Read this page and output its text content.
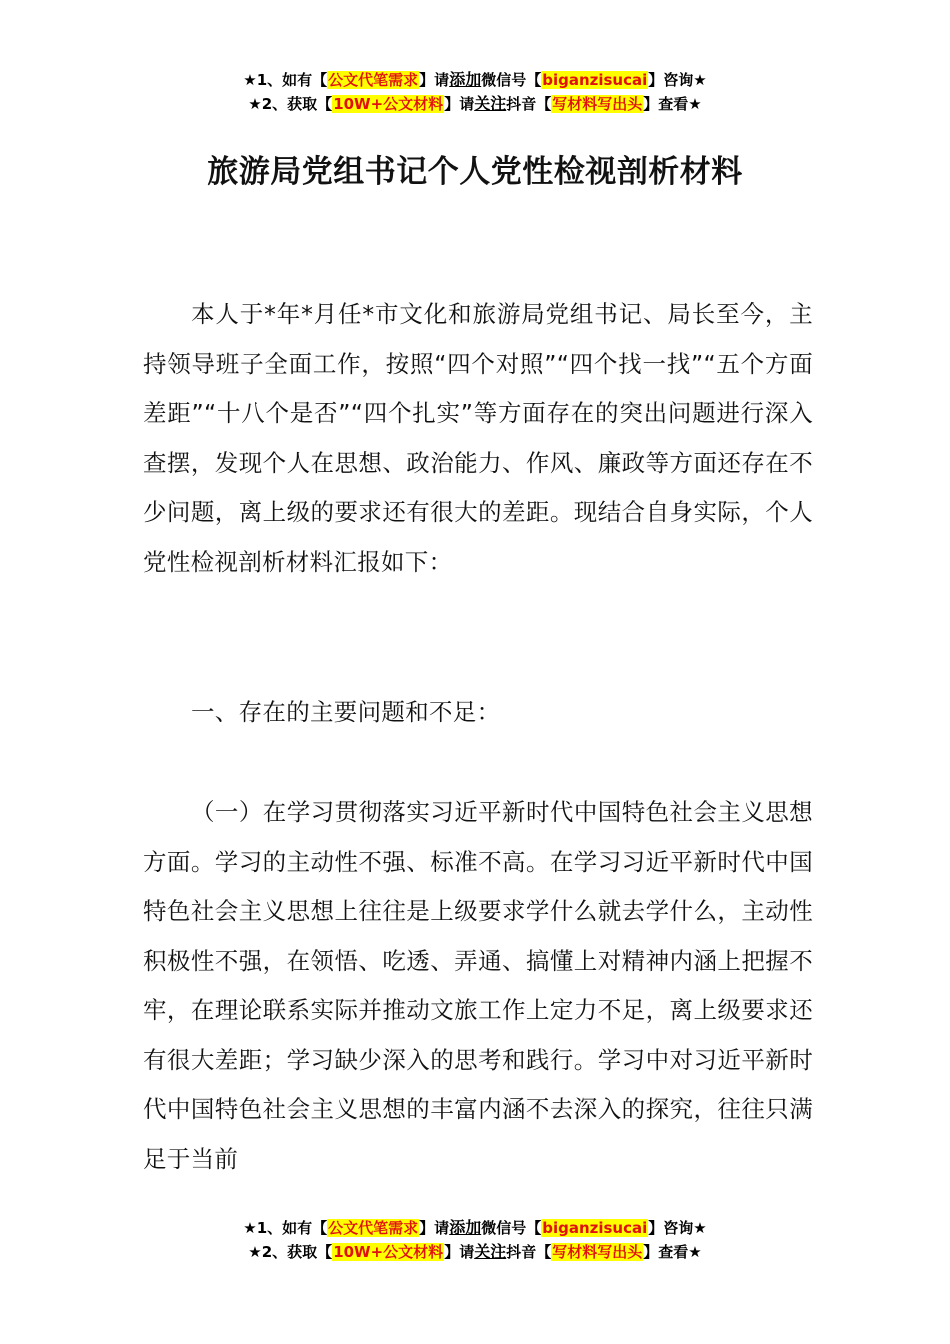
★1、如有【公文代笔需求】请添加微信号【biganzisucai】咨询★
★2、获取【10W+公文材料】请关注抖音【写材料写出头】查看★
旅游局党组书记个人党性检视剖析材料

本人于*年*月任*市文化和旅游局党组书记、局长至今，主持领导班子全面工作，按照“四个对照”“四个找一找”“五个方面差距”“十八个是否”“四个扎实”等方面存在的突出问题进行深入查摆，发现个人在思想、政治能力、作风、廉政等方面还存在不少问题，离上级的要求还有很大的差距。现结合自身实际，个人党性检视剖析材料汇报如下：

一、存在的主要问题和不足：

（一）在学习贯彻落实习近平新时代中国特色社会主义思想方面。学习的主动性不强、标准不高。在学习习近平新时代中国特色社会主义思想上往往是上级要求学什么就去学什么，主动性积极性不强，在领悟、吃透、弄通、搞懂上对精神内涵上把握不牢，在理论联系实际并推动文旅工作上定力不足，离上级要求还有很大差距；学习缺少深入的思考和践行。学习中对习近平新时代中国特色社会主义思想的丰富内涵不去深入的探究，往往只满足于当前

★1、如有【公文代笔需求】请添加微信号【biganzisucai】咨询★
★2、获取【10W+公文材料】请关注抖音【写材料写出头】查看★
